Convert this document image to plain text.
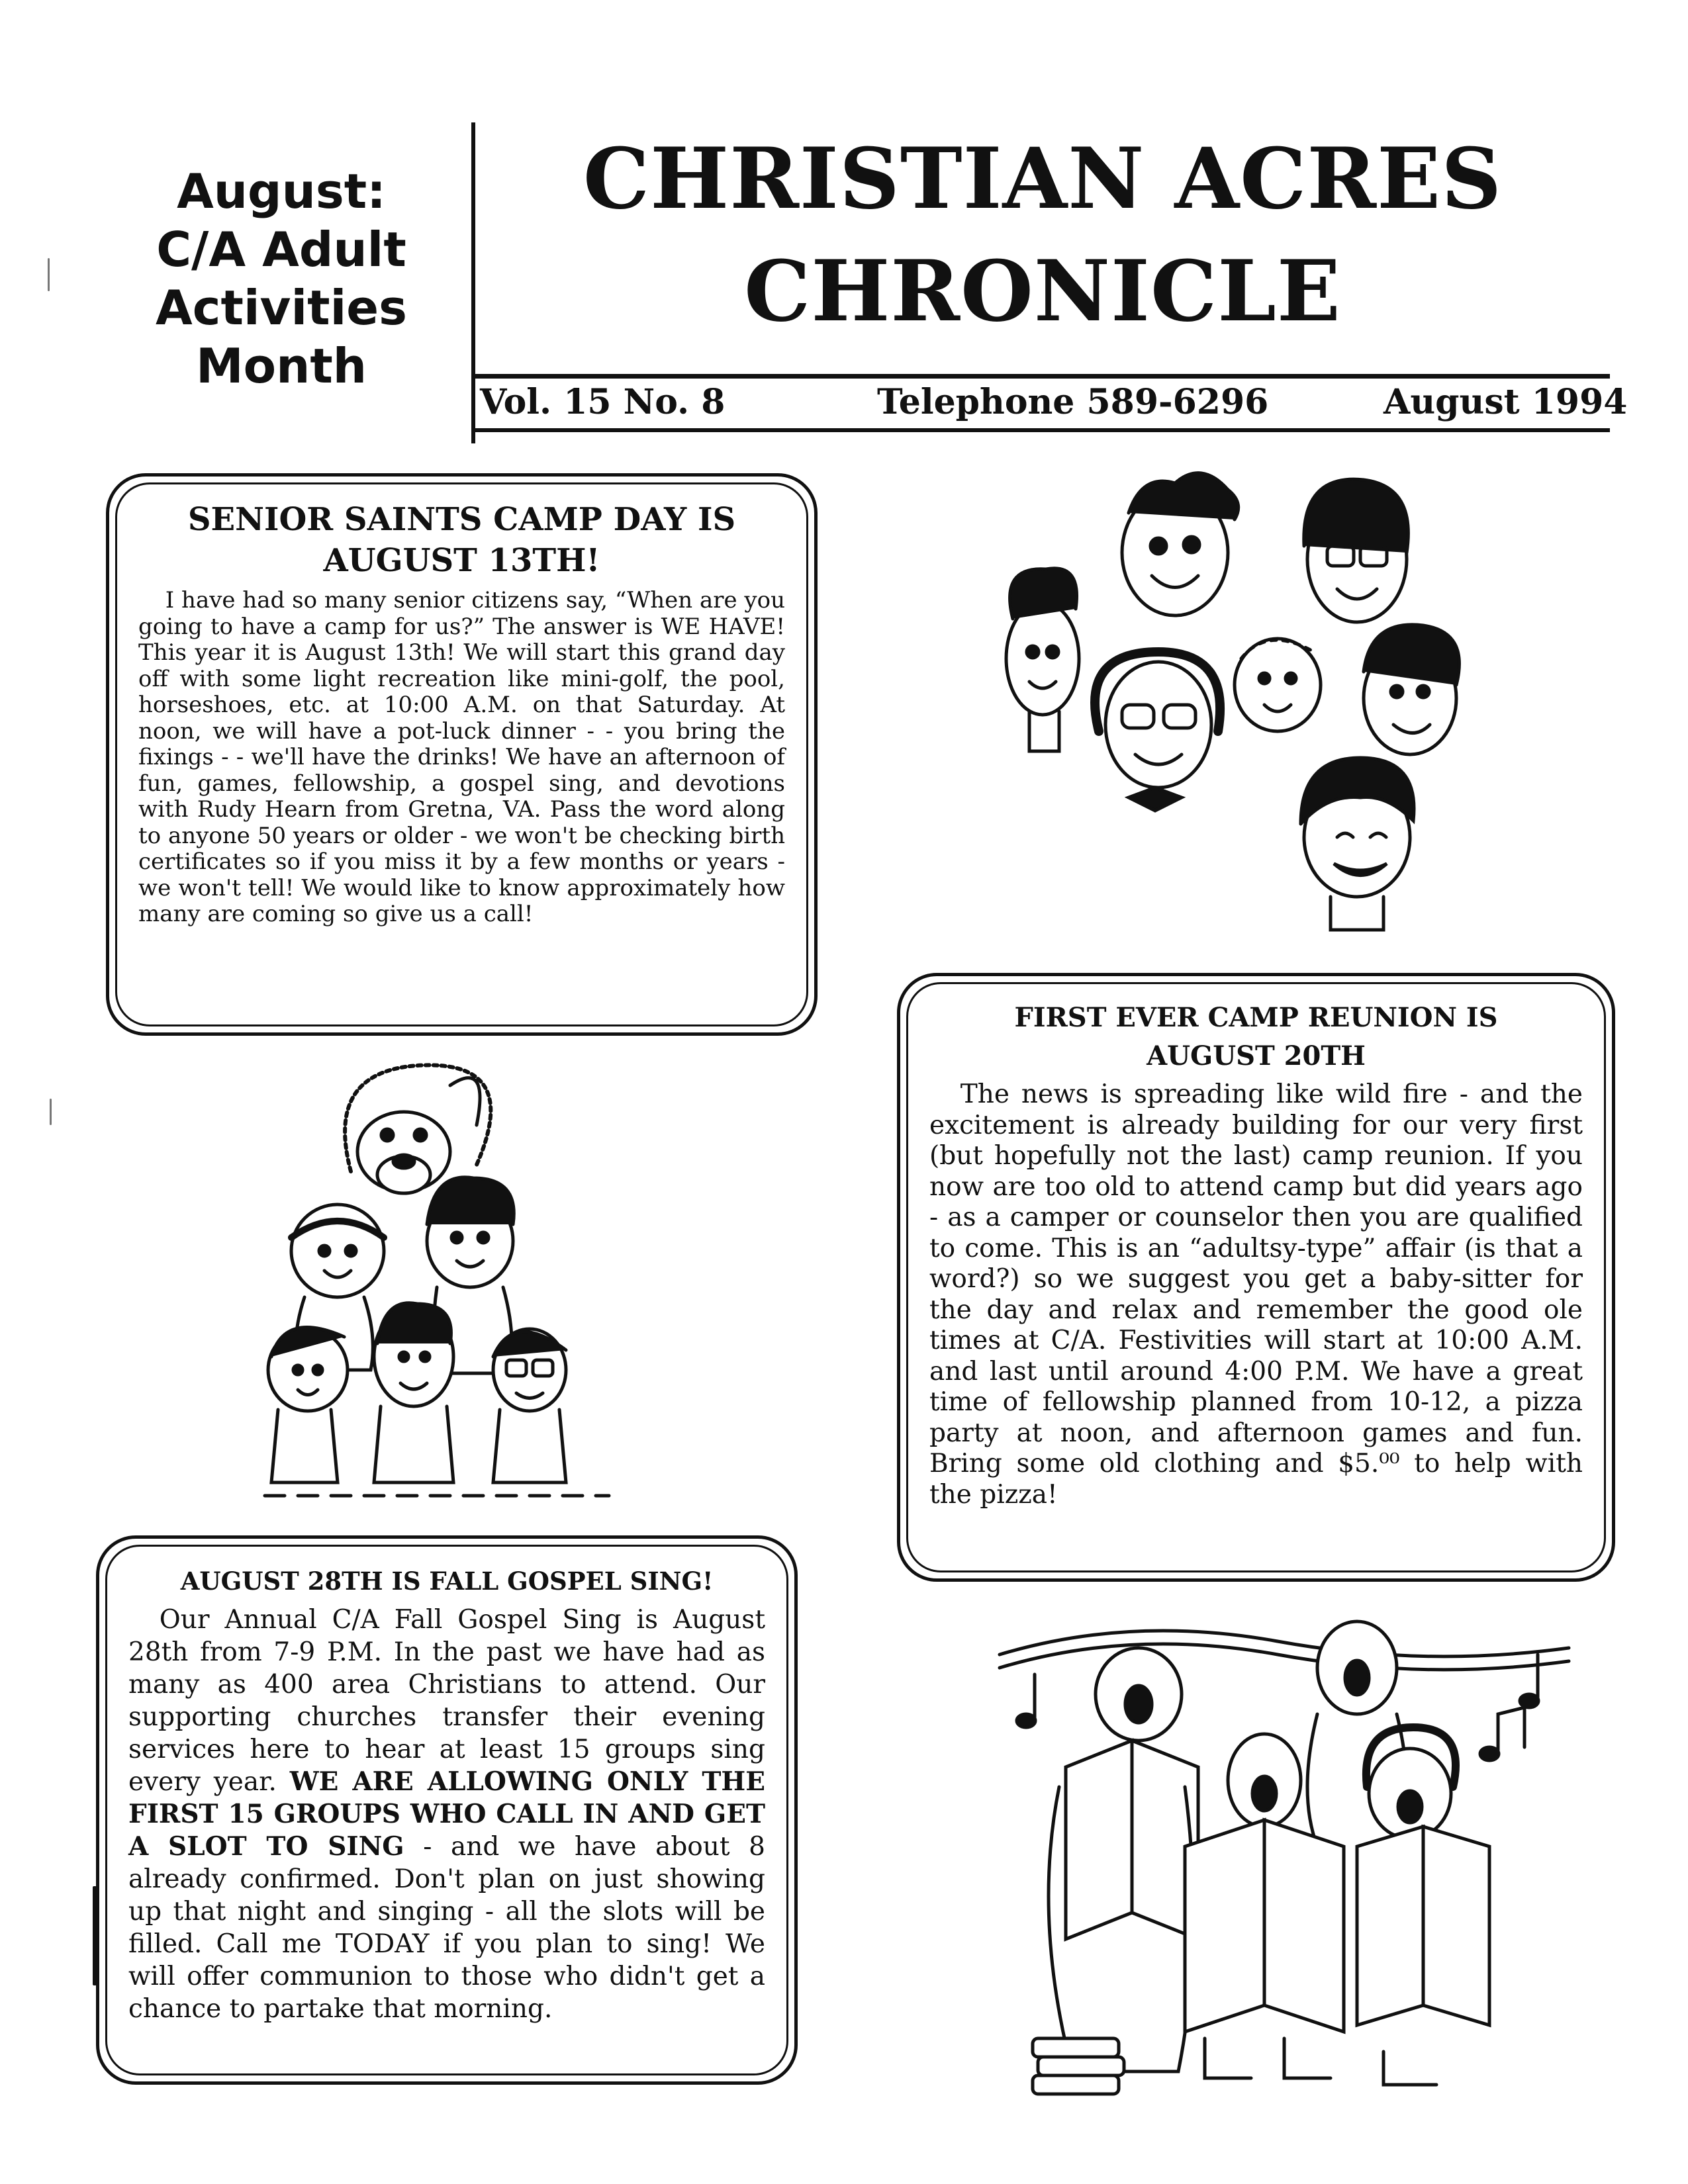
August:
C/A Adult
Activities
Month
CHRISTIAN ACRES
CHRONICLE
Vol. 15 No. 8	Telephone 589-6296	August 1994
SENIOR SAINTS CAMP DAY IS
AUGUST 13TH!

I have had so many senior citizens say, “When are you going to have a camp for us?” The answer is WE HAVE! This year it is August 13th! We will start this grand day off with some light recreation like mini-golf, the pool, horseshoes, etc. at 10:00 A.M. on that Saturday. At noon, we will have a pot-luck dinner - - you bring the fixings - - we'll have the drinks! We have an afternoon of fun, games, fellowship, a gospel sing, and devotions with Rudy Hearn from Gretna, VA. Pass the word along to anyone 50 years or older - we won't be checking birth certificates so if you miss it by a few months or years - we won't tell! We would like to know approximately how many are coming so give us a call!

FIRST EVER CAMP REUNION IS
AUGUST 20TH

The news is spreading like wild fire - and the excitement is already building for our very first (but hopefully not the last) camp reunion. If you now are too old to attend camp but did years ago - as a camper or counselor then you are qualified to come. This is an “adultsy-type” affair (is that a word?) so we suggest you get a baby-sitter for the day and relax and remember the good ole times at C/A. Festivities will start at 10:00 A.M. and last until around 4:00 P.M. We have a great time of fellowship planned from 10-12, a pizza party at noon, and afternoon games and fun. Bring some old clothing and $5.⁰⁰ to help with the pizza!

AUGUST 28TH IS FALL GOSPEL SING!

Our Annual C/A Fall Gospel Sing is August 28th from 7-9 P.M. In the past we have had as many as 400 area Christians to attend. Our supporting churches transfer their evening services here to hear at least 15 groups sing every year. WE ARE ALLOWING ONLY THE FIRST 15 GROUPS WHO CALL IN AND GET A SLOT TO SING - and we have about 8 already confirmed. Don't plan on just showing up that night and singing - all the slots will be filled. Call me TODAY if you plan to sing! We will offer communion to those who didn't get a chance to partake that morning.
